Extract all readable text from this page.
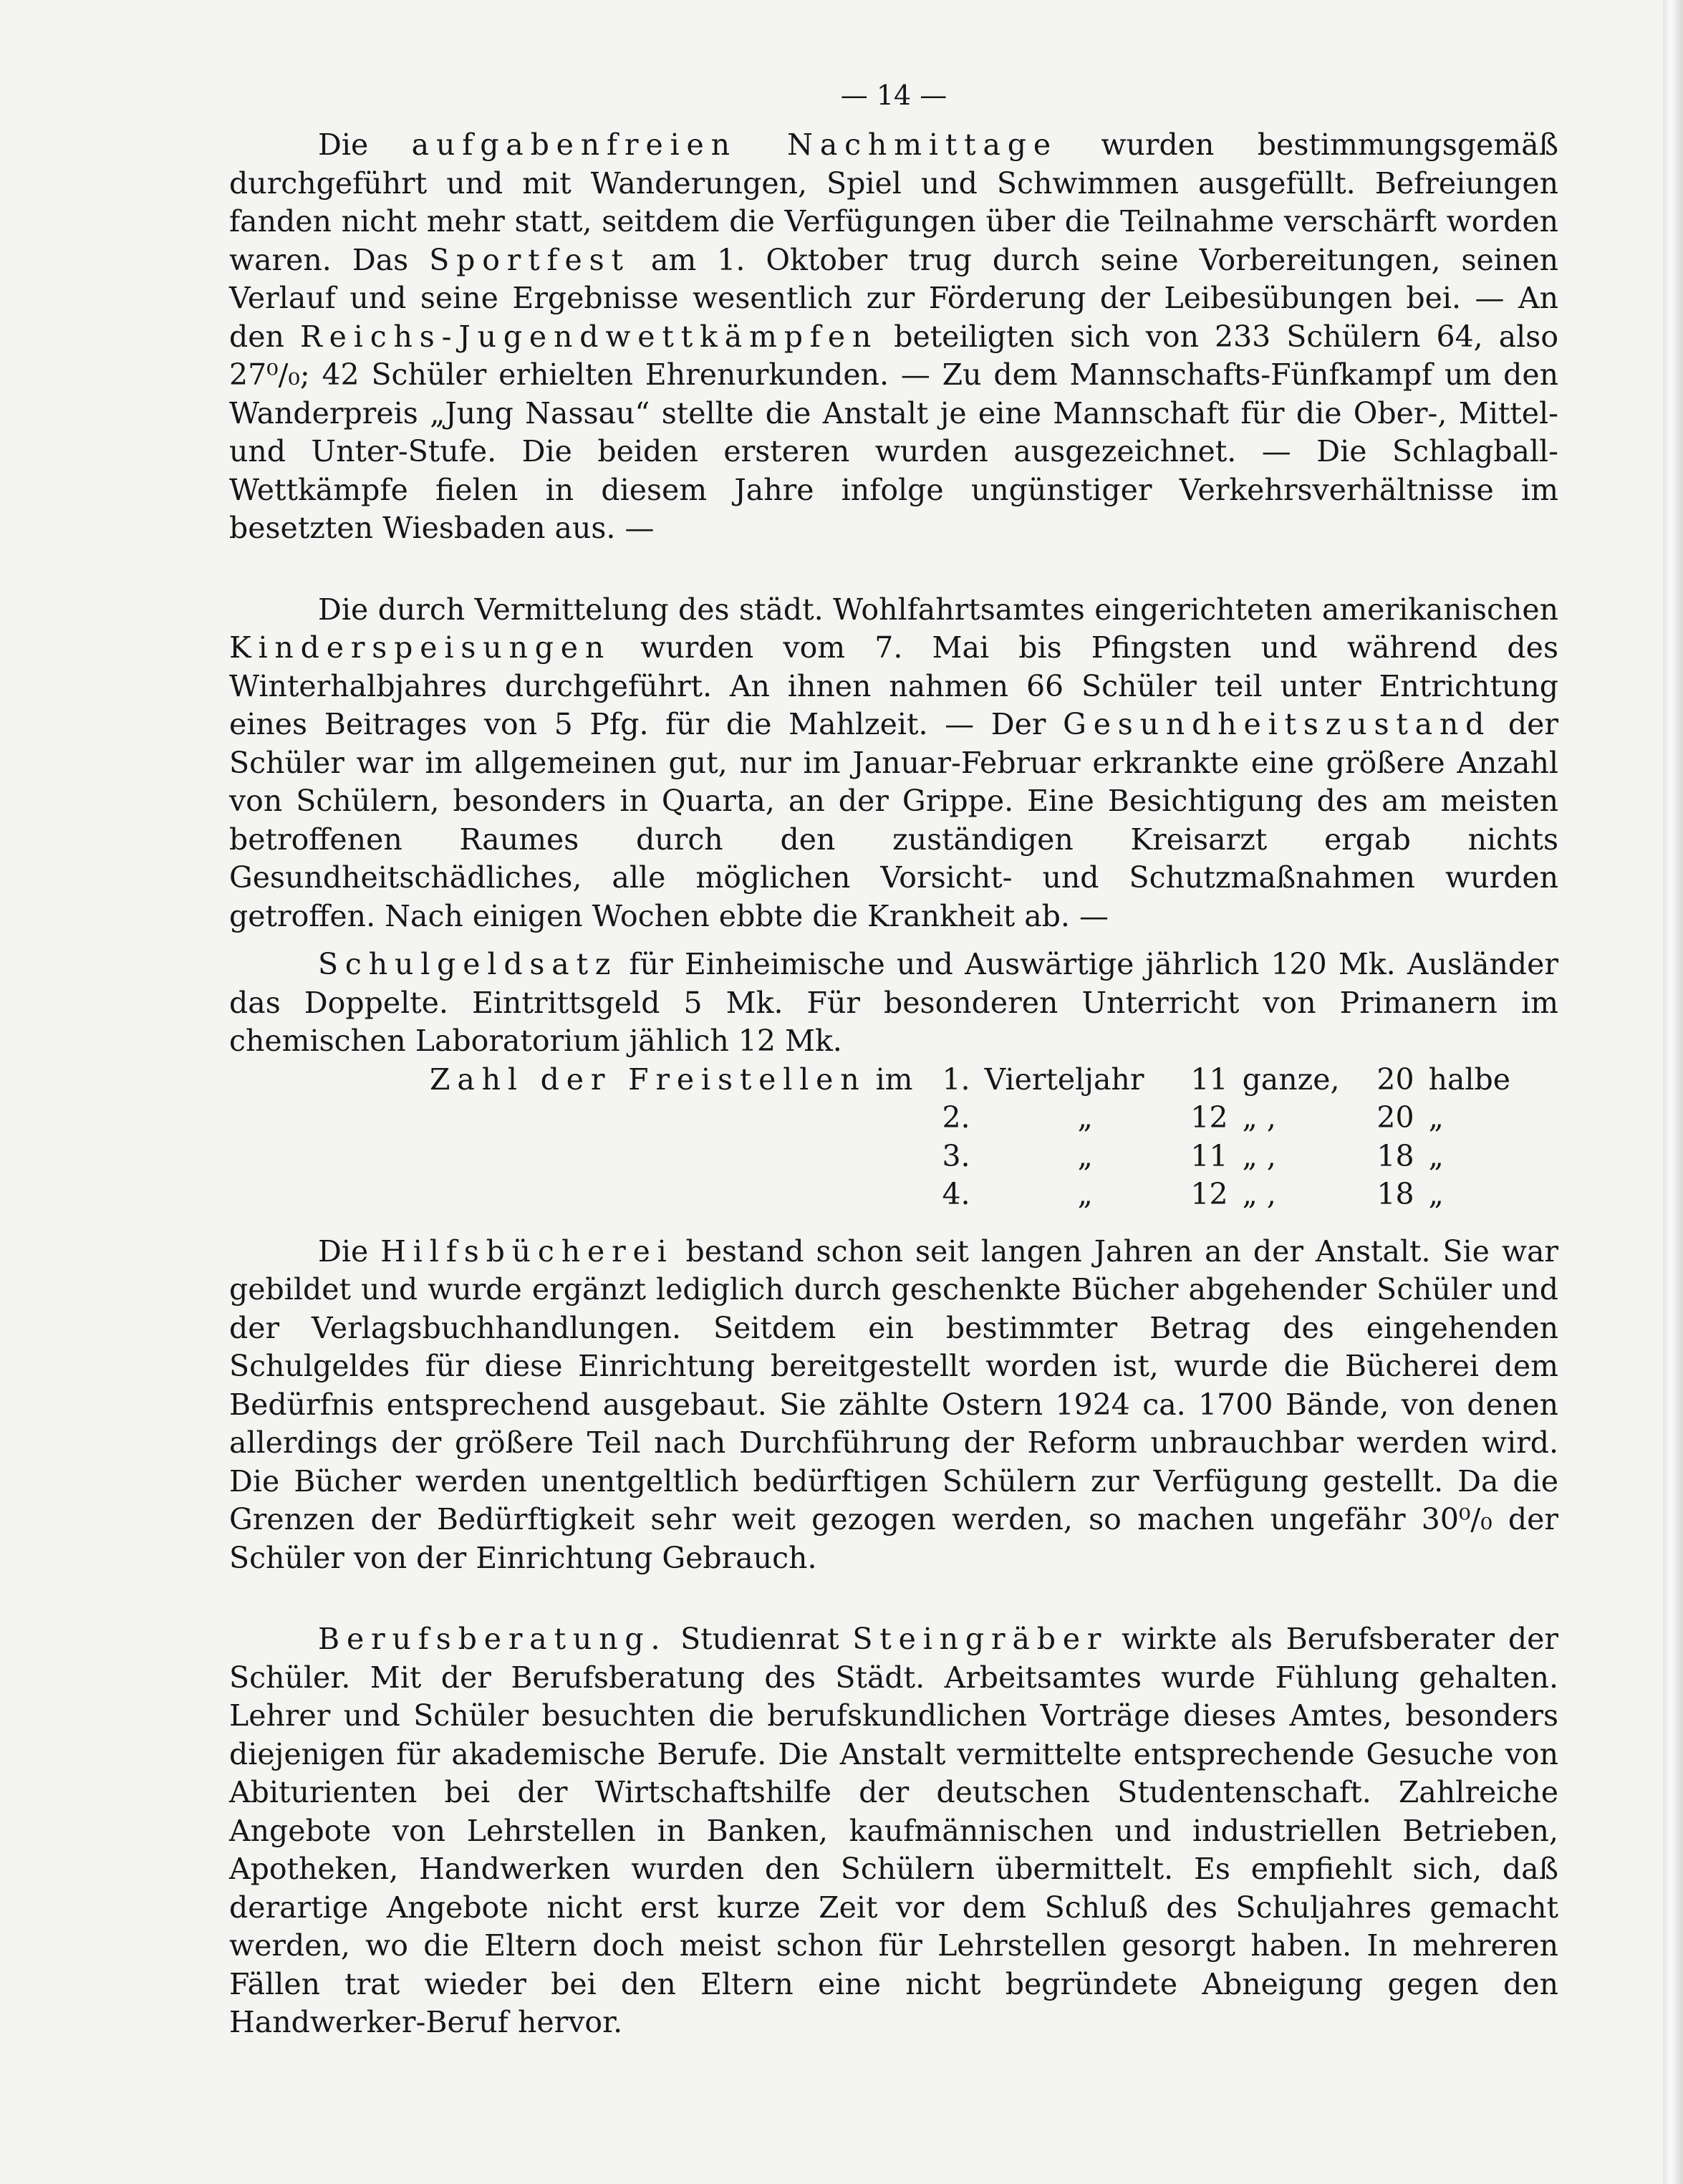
— 14 —

Die aufgabenfreien Nachmittage wurden bestimmungsgemäß durchgeführt und mit Wanderungen, Spiel und Schwimmen ausgefüllt. Befreiungen fanden nicht mehr statt, seitdem die Verfügungen über die Teilnahme verschärft worden waren. Das Sportfest am 1. Oktober trug durch seine Vorbereitungen, seinen Verlauf und seine Ergebnisse wesentlich zur Förderung der Leibesübungen bei. — An den Reichs-Jugendwettkämpfen beteiligten sich von 233 Schülern 64, also 27⁰/₀; 42 Schüler erhielten Ehrenurkunden. — Zu dem Mannschafts-Fünfkampf um den Wanderpreis „Jung Nassau“ stellte die Anstalt je eine Mannschaft für die Ober-, Mittel- und Unter-Stufe. Die beiden ersteren wurden ausgezeichnet. — Die Schlagball-Wettkämpfe fielen in diesem Jahre infolge ungünstiger Verkehrsverhältnisse im besetzten Wiesbaden aus. —

Die durch Vermittelung des städt. Wohlfahrtsamtes eingerichteten amerikanischen Kinderspeisungen wurden vom 7. Mai bis Pfingsten und während des Winterhalbjahres durchgeführt. An ihnen nahmen 66 Schüler teil unter Entrichtung eines Beitrages von 5 Pfg. für die Mahlzeit. — Der Gesundheitszustand der Schüler war im allgemeinen gut, nur im Januar-Februar erkrankte eine größere Anzahl von Schülern, besonders in Quarta, an der Grippe. Eine Besichtigung des am meisten betroffenen Raumes durch den zuständigen Kreisarzt ergab nichts Gesundheitschädliches, alle möglichen Vorsicht- und Schutzmaßnahmen wurden getroffen. Nach einigen Wochen ebbte die Krankheit ab. —

Schulgeldsatz für Einheimische und Auswärtige jährlich 120 Mk. Ausländer das Doppelte. Eintrittsgeld 5 Mk. Für besonderen Unterricht von Primanern im chemischen Laboratorium jählich 12 Mk.

Zahl der Freistellen im	1.	Vierteljahr	11	ganze,	20	halbe
	2.	„	12	„ ,	20	„
	3.	„	11	„ ,	18	„
	4.	„	12	„ ,	18	„

Die Hilfsbücherei bestand schon seit langen Jahren an der Anstalt. Sie war gebildet und wurde ergänzt lediglich durch geschenkte Bücher abgehender Schüler und der Verlagsbuchhandlungen. Seitdem ein bestimmter Betrag des eingehenden Schulgeldes für diese Einrichtung bereitgestellt worden ist, wurde die Bücherei dem Bedürfnis entsprechend ausgebaut. Sie zählte Ostern 1924 ca. 1700 Bände, von denen allerdings der größere Teil nach Durchführung der Reform unbrauchbar werden wird. Die Bücher werden unentgeltlich bedürftigen Schülern zur Verfügung gestellt. Da die Grenzen der Bedürftigkeit sehr weit gezogen werden, so machen ungefähr 30⁰/₀ der Schüler von der Einrichtung Gebrauch.

Berufsberatung. Studienrat Steingräber wirkte als Berufsberater der Schüler. Mit der Berufsberatung des Städt. Arbeitsamtes wurde Fühlung gehalten. Lehrer und Schüler besuchten die berufskundlichen Vorträge dieses Amtes, besonders diejenigen für akademische Berufe. Die Anstalt vermittelte entsprechende Gesuche von Abiturienten bei der Wirtschaftshilfe der deutschen Studentenschaft. Zahlreiche Angebote von Lehrstellen in Banken, kaufmännischen und industriellen Betrieben, Apotheken, Handwerken wurden den Schülern übermittelt. Es empfiehlt sich, daß derartige Angebote nicht erst kurze Zeit vor dem Schluß des Schuljahres gemacht werden, wo die Eltern doch meist schon für Lehrstellen gesorgt haben. In mehreren Fällen trat wieder bei den Eltern eine nicht begründete Abneigung gegen den Handwerker-Beruf hervor.
